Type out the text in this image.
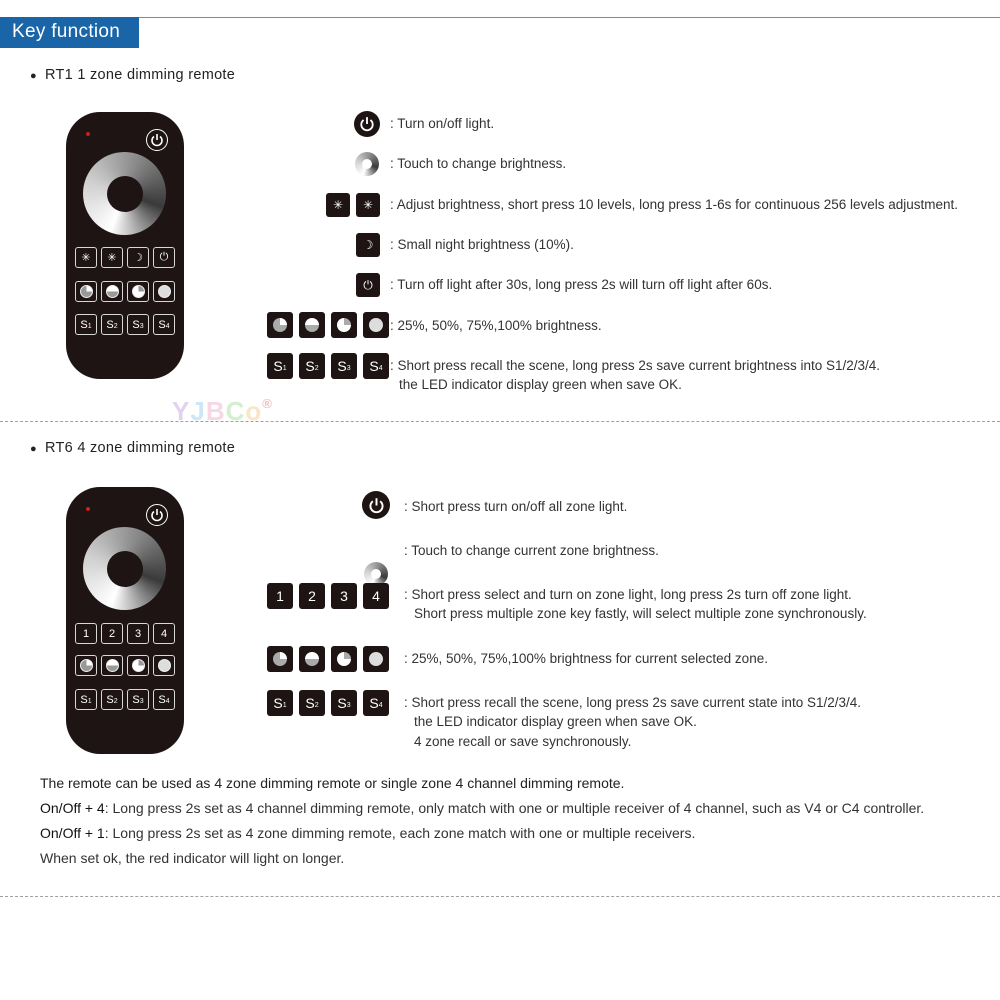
Key function
● RT1 1 zone dimming remote
✳	✳	☽	⏻
S 1 S 2 S 3 S 4
: Turn on/off light.
: Touch to change brightness.
✳	✳	: Adjust brightness, short press 10 levels, long press 1-6s for continuous 256 levels adjustment.
☽	: Small night brightness (10%).
⏻	: Turn off light after 30s, long press 2s will turn off light after 60s.
: 25%, 50%, 75%,100% brightness.
S 1 S 2 S 3 S 4 : Short press recall the scene, long press 2s save current brightness into S1/2/3/4.
the LED indicator display green when save OK.
YJBCo®
● RT6 4 zone dimming remote
1	2	3	4
S 1 S 2 S 3 S 4
: Short press turn on/off all zone light.
: Touch to change current zone brightness.
1	2	3	4	: Short press select and turn on zone light, long press 2s turn off zone light.
Short press multiple zone key fastly, will select multiple zone synchronously.
: 25%, 50%, 75%,100% brightness for current selected zone.
S 1 S 2 S 3 S 4 : Short press recall the scene, long press 2s save current state into S1/2/3/4.
the LED indicator display green when save OK.
4 zone recall or save synchronously.
The remote can be used as 4 zone dimming remote or single zone 4 channel dimming remote.
On/Off + 4: Long press 2s set as 4 channel dimming remote, only match with one or multiple receiver of 4 channel, such as V4 or C4 controller.
On/Off + 1: Long press 2s set as 4 zone dimming remote, each zone match with one or multiple receivers.
When set ok, the red indicator will light on longer.
